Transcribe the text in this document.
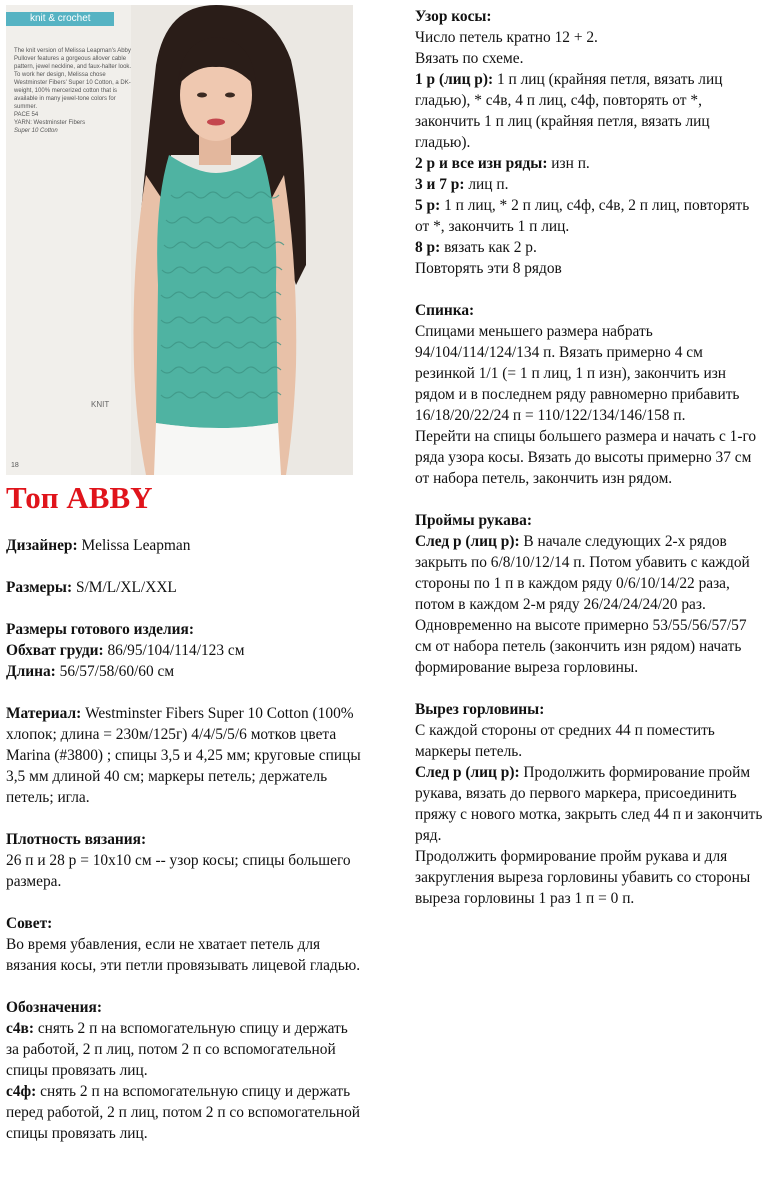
knit & crochet
The knit version of Melissa Leapman's Abby Pullover features a gorgeous allover cable pattern, jewel neckline, and faux-halter look. To work her design, Melissa chose Westminster Fibers' Super 10 Cotton, a DK-weight, 100% mercerized cotton that is available in many jewel-tone colors for summer.
PACE 54
YARN: Westminster Fibers
Super 10 Cotton
KNIT
18
Топ ABBY

Дизайнер: Melissa Leapman

Размеры: S/M/L/XL/XXL

Размеры готового изделия:

Обхват груди: 86/95/104/114/123 см

Длина: 56/57/58/60/60 см

Материал: Westminster Fibers Super 10 Cotton (100% хлопок; длина = 230м/125г) 4/4/5/5/6 мотков цвета Marina (#3800) ; спицы 3,5 и 4,25 мм; круговые спицы 3,5 мм длиной 40 см; маркеры петель; держатель петель; игла.

Плотность вязания:

26 п и 28 р = 10х10 см -- узор косы; спицы большего размера.

Совет:

Во время убавления, если не хватает петель для вязания косы, эти петли провязывать лицевой гладью.

Обозначения:

с4в: снять 2 п на вспомогательную спицу и держать за работой, 2 п лиц, потом 2 п со вспомогательной спицы провязать лиц.

с4ф: снять 2 п на вспомогательную спицу и держать перед работой, 2 п лиц, потом 2 п со вспомогательной спицы провязать лиц.

Узор косы:

Число петель кратно 12 + 2.

Вязать по схеме.

1 р (лиц р): 1 п лиц (крайняя петля, вязать лиц гладью), * с4в, 4 п лиц, с4ф, повторять от *, закончить 1 п лиц (крайняя петля, вязать лиц гладью).

2 р и все изн ряды: изн п.

3 и 7 р: лиц п.

5 р: 1 п лиц, * 2 п лиц, с4ф, с4в, 2 п лиц, повторять от *, закончить 1 п лиц.

8 р: вязать как 2 р.

Повторять эти 8 рядов

Спинка:

Спицами меньшего размера набрать 94/104/114/124/134 п. Вязать примерно 4 см резинкой 1/1 (= 1 п лиц, 1 п изн), закончить изн рядом и в последнем ряду равномерно прибавить 16/18/20/22/24 п = 110/122/134/146/158 п.

Перейти на спицы большего размера и начать с 1-го ряда узора косы. Вязать до высоты примерно 37 см от набора петель, закончить изн рядом.

Проймы рукава:

След р (лиц р): В начале следующих 2-х рядов закрыть по 6/8/10/12/14 п. Потом убавить с каждой стороны по 1 п в каждом ряду 0/6/10/14/22 раза, потом в каждом 2-м ряду 26/24/24/24/20 раз. Одновременно на высоте примерно 53/55/56/57/57 см от набора петель (закончить изн рядом) начать формирование выреза горловины.

Вырез горловины:

С каждой стороны от средних 44 п поместить маркеры петель.

След р (лиц р): Продолжить формирование пройм рукава, вязать до первого маркера, присоединить пряжу с нового мотка, закрыть след 44 п и закончить ряд.

Продолжить формирование пройм рукава и для закругления выреза горловины убавить со стороны выреза горловины 1 раз 1 п = 0 п.
